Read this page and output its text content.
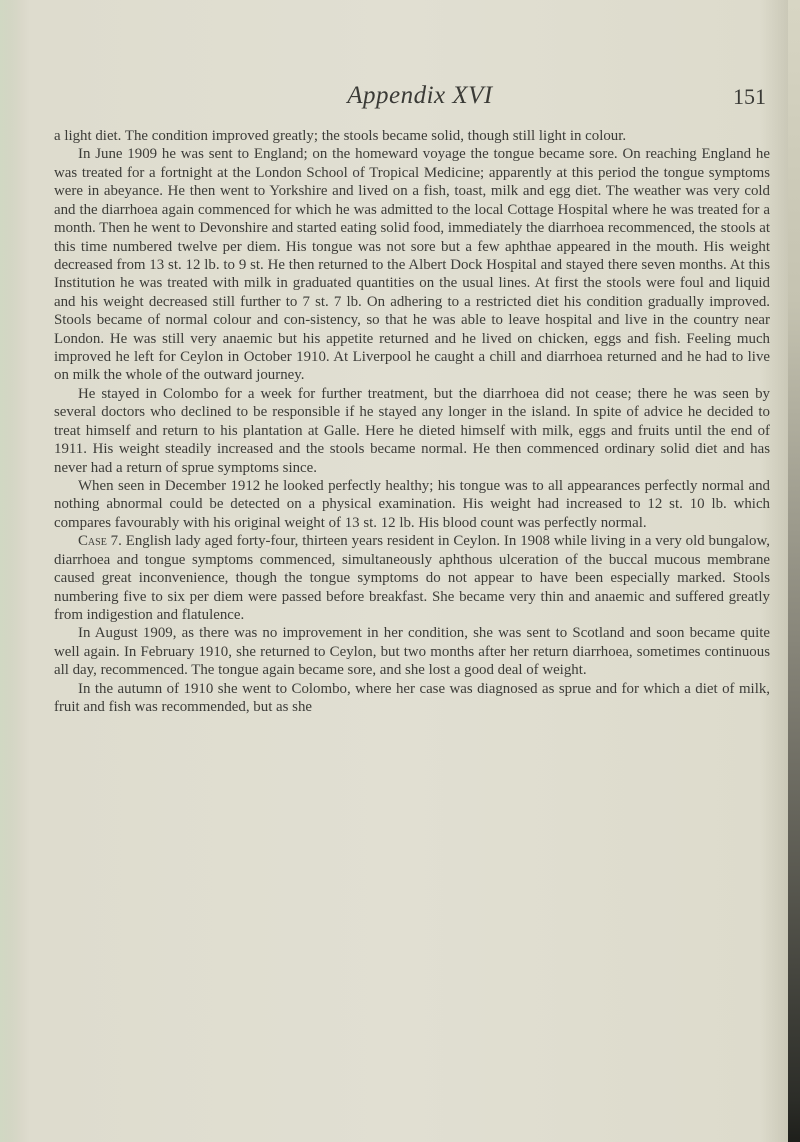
Appendix XVI	151

a light diet. The condition improved greatly; the stools became solid, though still light in colour.

In June 1909 he was sent to England; on the homeward voyage the tongue became sore. On reaching England he was treated for a fortnight at the London School of Tropical Medicine; apparently at this period the tongue symptoms were in abeyance. He then went to Yorkshire and lived on a fish, toast, milk and egg diet. The weather was very cold and the diarrhoea again commenced for which he was admitted to the local Cottage Hospital where he was treated for a month. Then he went to Devonshire and started eating solid food, immediately the diarrhoea recommenced, the stools at this time numbered twelve per diem. His tongue was not sore but a few aphthae appeared in the mouth. His weight decreased from 13 st. 12 lb. to 9 st. He then returned to the Albert Dock Hospital and stayed there seven months. At this Institution he was treated with milk in graduated quantities on the usual lines. At first the stools were foul and liquid and his weight decreased still further to 7 st. 7 lb. On adhering to a restricted diet his condition gradually improved. Stools became of normal colour and con-sistency, so that he was able to leave hospital and live in the country near London. He was still very anaemic but his appetite returned and he lived on chicken, eggs and fish. Feeling much improved he left for Ceylon in October 1910. At Liverpool he caught a chill and diarrhoea returned and he had to live on milk the whole of the outward journey.

He stayed in Colombo for a week for further treatment, but the diarrhoea did not cease; there he was seen by several doctors who declined to be responsible if he stayed any longer in the island. In spite of advice he decided to treat himself and return to his plantation at Galle. Here he dieted himself with milk, eggs and fruits until the end of 1911. His weight steadily increased and the stools became normal. He then commenced ordinary solid diet and has never had a return of sprue symptoms since.

When seen in December 1912 he looked perfectly healthy; his tongue was to all appearances perfectly normal and nothing abnormal could be detected on a physical examination. His weight had increased to 12 st. 10 lb. which compares favourably with his original weight of 13 st. 12 lb. His blood count was perfectly normal.

Case 7. English lady aged forty-four, thirteen years resident in Ceylon. In 1908 while living in a very old bungalow, diarrhoea and tongue symptoms commenced, simultaneously aphthous ulceration of the buccal mucous membrane caused great inconvenience, though the tongue symptoms do not appear to have been especially marked. Stools numbering five to six per diem were passed before breakfast. She became very thin and anaemic and suffered greatly from indigestion and flatulence.

In August 1909, as there was no improvement in her condition, she was sent to Scotland and soon became quite well again. In February 1910, she returned to Ceylon, but two months after her return diarrhoea, sometimes continuous all day, recommenced. The tongue again became sore, and she lost a good deal of weight.

In the autumn of 1910 she went to Colombo, where her case was diagnosed as sprue and for which a diet of milk, fruit and fish was recommended, but as she
